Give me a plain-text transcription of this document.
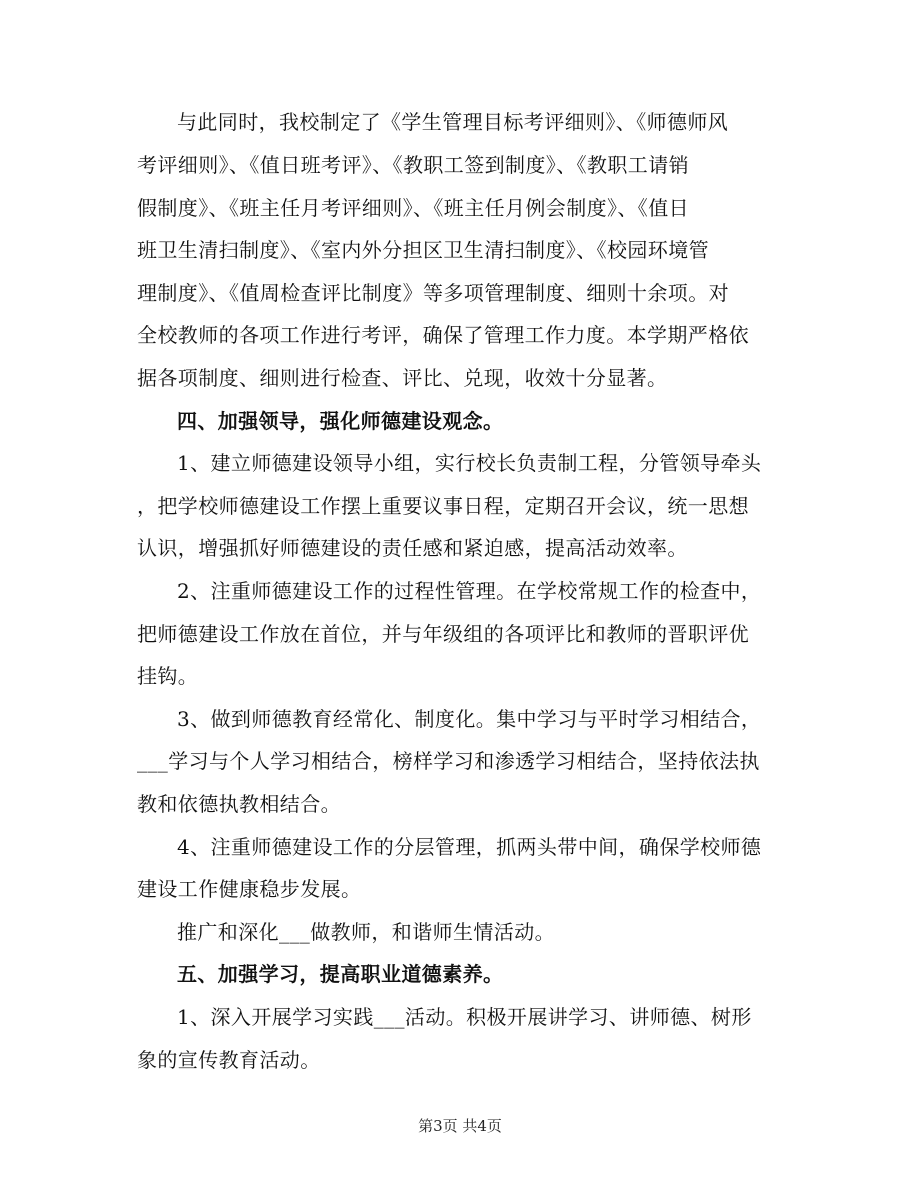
与此同时，我校制定了《学生管理目标考评细则》、《师德师风

考评细则》、《值日班考评》、《教职工签到制度》、《教职工请销

假制度》、《班主任月考评细则》、《班主任月例会制度》、《值日

班卫生清扫制度》、《室内外分担区卫生清扫制度》、《校园环境管

理制度》、《值周检查评比制度》等多项管理制度、细则十余项。对

全校教师的各项工作进行考评，确保了管理工作力度。本学期严格依

据各项制度、细则进行检查、评比、兑现，收效十分显著。

四、加强领导，强化师德建设观念。

1、建立师德建设领导小组，实行校长负责制工程，分管领导牵头

，把学校师德建设工作摆上重要议事日程，定期召开会议，统一思想

认识，增强抓好师德建设的责任感和紧迫感，提高活动效率。

2、注重师德建设工作的过程性管理。在学校常规工作的检查中，

把师德建设工作放在首位，并与年级组的各项评比和教师的晋职评优

挂钩。

3、做到师德教育经常化、制度化。集中学习与平时学习相结合，

___学习与个人学习相结合，榜样学习和渗透学习相结合，坚持依法执

教和依德执教相结合。

4、注重师德建设工作的分层管理，抓两头带中间，确保学校师德

建设工作健康稳步发展。

推广和深化___做教师，和谐师生情活动。

五、加强学习，提高职业道德素养。

1、深入开展学习实践___活动。积极开展讲学习、讲师德、树形

象的宣传教育活动。

第3页 共4页
